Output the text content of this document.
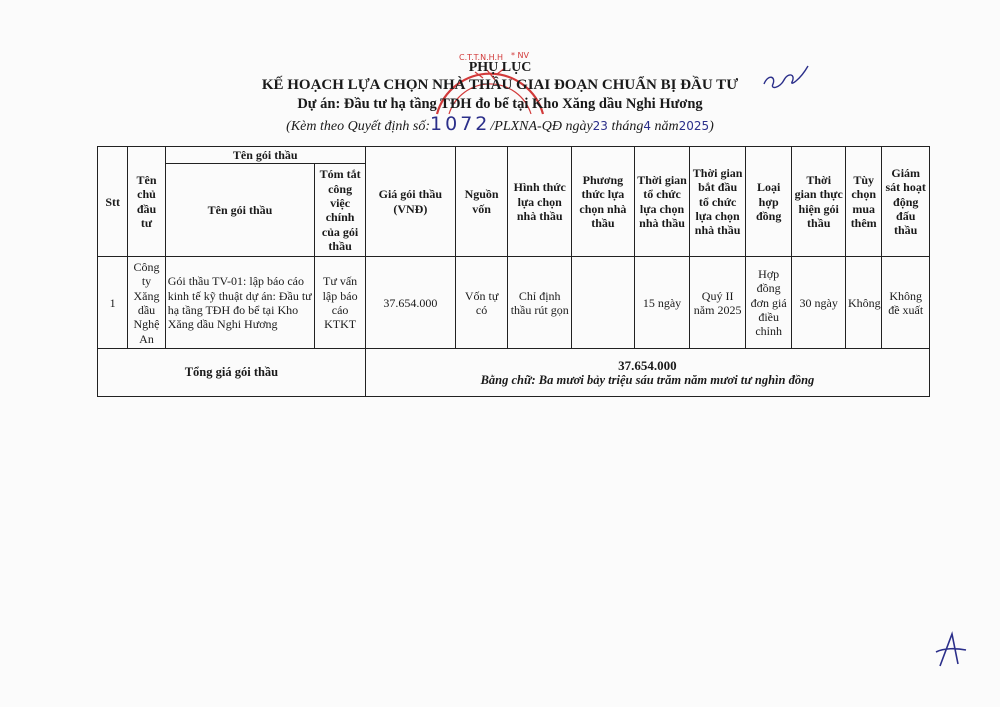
C.T.T.N.H.H * NV
PHỤ LỤC
KẾ HOẠCH LỰA CHỌN NHÀ THẦU GIAI ĐOẠN CHUẨN BỊ ĐẦU TƯ
Dự án: Đầu tư hạ tầng TĐH đo bể tại Kho Xăng dầu Nghi Hương
(Kèm theo Quyết định số:1072/PLXNA-QĐ ngày23 tháng4 năm2025)
Stt	Tên chủ đầu tư	Tên gói thầu		Giá gói thầu (VNĐ)	Nguồn vốn	Hình thức lựa chọn nhà thầu	Phương thức lựa chọn nhà thầu	Thời gian tổ chức lựa chọn nhà thầu	Thời gian bắt đầu tổ chức lựa chọn nhà thầu	Loại hợp đồng	Thời gian thực hiện gói thầu	Tùy chọn mua thêm	Giám sát hoạt động đấu thầu
		Tên gói thầu	Tóm tắt công việc chính của gói thầu										
1	Công ty Xăng dầu Nghệ An	Gói thầu TV-01: lập báo cáo kinh tế kỹ thuật dự án: Đầu tư hạ tầng TĐH đo bể tại Kho Xăng dầu Nghi Hương	Tư vấn lập báo cáo KTKT	37.654.000	Vốn tự có	Chỉ định thầu rút gọn		15 ngày	Quý II năm 2025	Hợp đồng đơn giá điều chỉnh	30 ngày	Không	Không đề xuất
Tổng giá gói thầu				37.654.000
Bằng chữ: Ba mươi bảy triệu sáu trăm năm mươi tư nghìn đồng									
